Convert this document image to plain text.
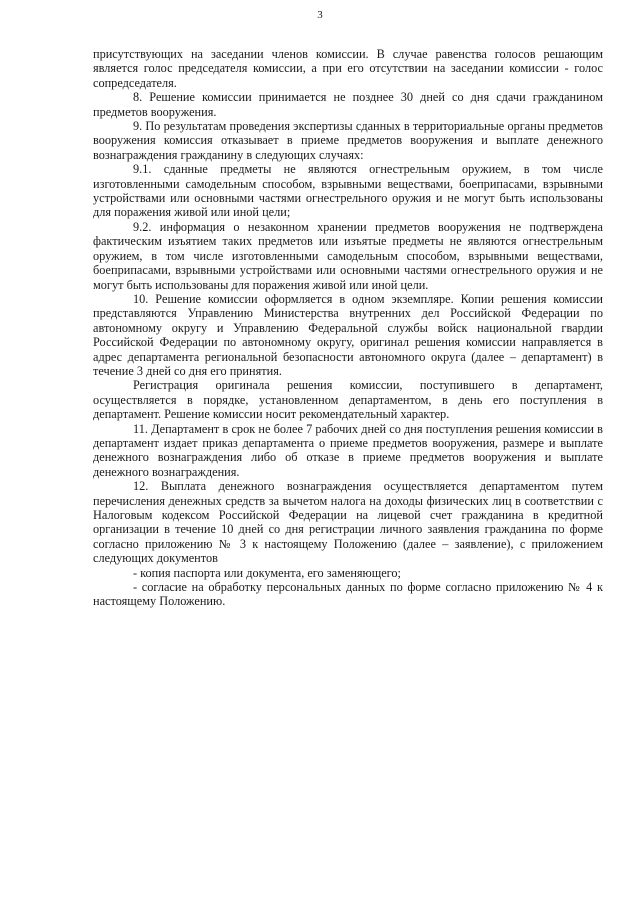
3

присутствующих на заседании членов комиссии. В случае равенства голосов решающим является голос председателя комиссии, а при его отсутствии на заседании комиссии - голос сопредседателя.

8. Решение комиссии принимается не позднее 30 дней со дня сдачи гражданином предметов вооружения.

9. По результатам проведения экспертизы сданных в территориальные органы предметов вооружения комиссия отказывает в приеме предметов вооружения и выплате денежного вознаграждения гражданину в следующих случаях:

9.1. сданные предметы не являются огнестрельным оружием, в том числе изготовленными самодельным способом, взрывными веществами, боеприпасами, взрывными устройствами или основными частями огнестрельного оружия и не могут быть использованы для поражения живой или иной цели;

9.2. информация о незаконном хранении предметов вооружения не подтверждена фактическим изъятием таких предметов или изъятые предметы не являются огнестрельным оружием, в том числе изготовленными самодельным способом, взрывными веществами, боеприпасами, взрывными устройствами или основными частями огнестрельного оружия и не могут быть использованы для поражения живой или иной цели.

10. Решение комиссии оформляется в одном экземпляре. Копии решения комиссии представляются Управлению Министерства внутренних дел Российской Федерации по автономному округу и Управлению Федеральной службы войск национальной гвардии Российской Федерации по автономному округу, оригинал решения комиссии направляется в адрес департамента региональной безопасности автономного округа (далее – департамент) в течение 3 дней со дня его принятия.

Регистрация оригинала решения комиссии, поступившего в департамент, осуществляется в порядке, установленном департаментом, в день его поступления в департамент. Решение комиссии носит рекомендательный характер.

11. Департамент в срок не более 7 рабочих дней со дня поступления решения комиссии в департамент издает приказ департамента о приеме предметов вооружения, размере и выплате денежного вознаграждения либо об отказе в приеме предметов вооружения и выплате денежного вознаграждения.

12. Выплата денежного вознаграждения осуществляется департаментом путем перечисления денежных средств за вычетом налога на доходы физических лиц в соответствии с Налоговым кодексом Российской Федерации на лицевой счет гражданина в кредитной организации в течение 10 дней со дня регистрации личного заявления гражданина по форме согласно приложению № 3 к настоящему Положению (далее – заявление), с приложением следующих документов

- копия паспорта или документа, его заменяющего;

- согласие на обработку персональных данных по форме согласно приложению № 4 к настоящему Положению.
